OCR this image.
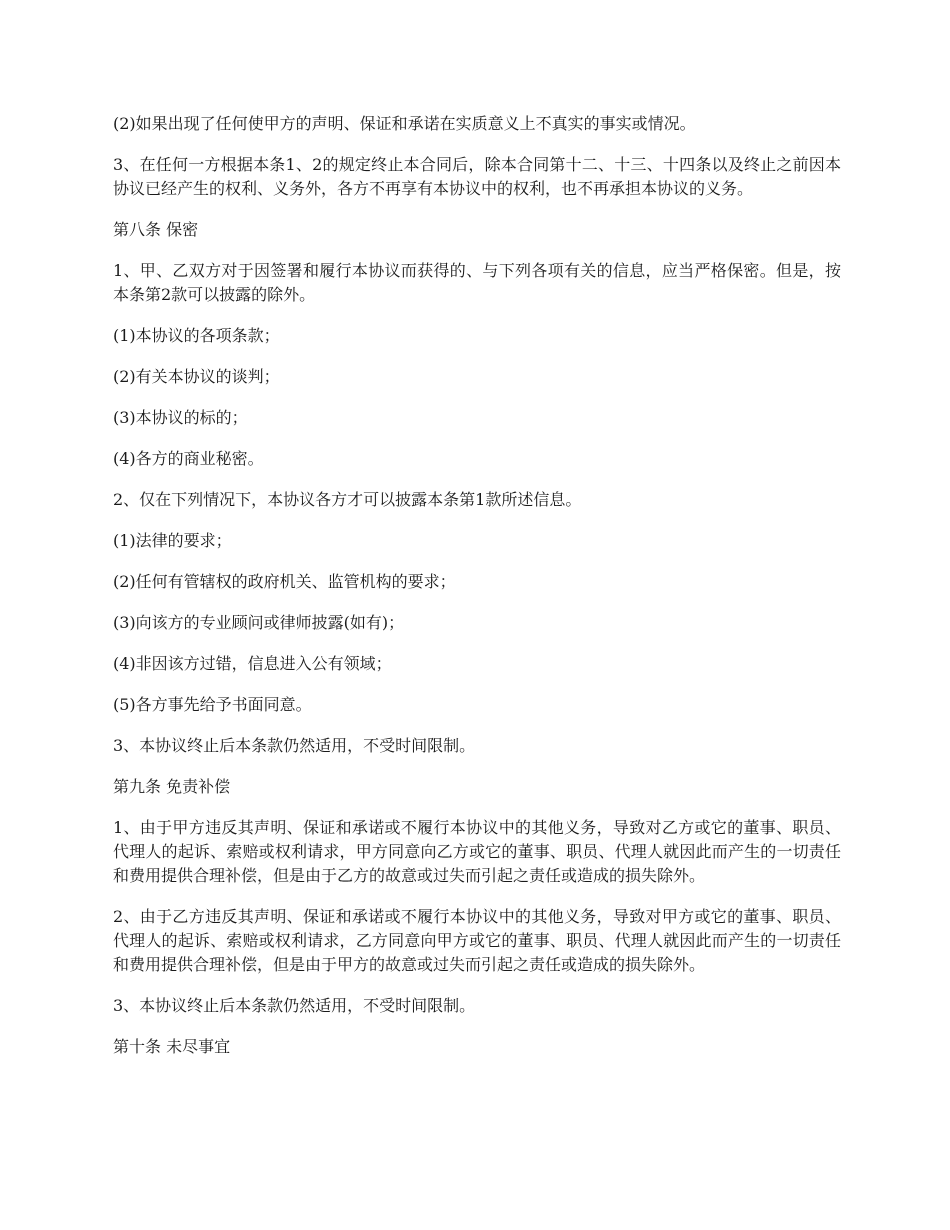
(2)如果出现了任何使甲方的声明、保证和承诺在实质意义上不真实的事实或情况。

3、在任何一方根据本条1、2的规定终止本合同后，除本合同第十二、十三、十四条以及终止之前因本协议已经产生的权利、义务外，各方不再享有本协议中的权利，也不再承担本协议的义务。

第八条 保密

1、甲、乙双方对于因签署和履行本协议而获得的、与下列各项有关的信息，应当严格保密。但是，按本条第2款可以披露的除外。

(1)本协议的各项条款；

(2)有关本协议的谈判；

(3)本协议的标的；

(4)各方的商业秘密。

2、仅在下列情况下，本协议各方才可以披露本条第1款所述信息。

(1)法律的要求；

(2)任何有管辖权的政府机关、监管机构的要求；

(3)向该方的专业顾问或律师披露(如有)；

(4)非因该方过错，信息进入公有领域；

(5)各方事先给予书面同意。

3、本协议终止后本条款仍然适用，不受时间限制。

第九条 免责补偿

1、由于甲方违反其声明、保证和承诺或不履行本协议中的其他义务，导致对乙方或它的董事、职员、代理人的起诉、索赔或权利请求，甲方同意向乙方或它的董事、职员、代理人就因此而产生的一切责任和费用提供合理补偿，但是由于乙方的故意或过失而引起之责任或造成的损失除外。

2、由于乙方违反其声明、保证和承诺或不履行本协议中的其他义务，导致对甲方或它的董事、职员、代理人的起诉、索赔或权利请求，乙方同意向甲方或它的董事、职员、代理人就因此而产生的一切责任和费用提供合理补偿，但是由于甲方的故意或过失而引起之责任或造成的损失除外。

3、本协议终止后本条款仍然适用，不受时间限制。

第十条 未尽事宜
